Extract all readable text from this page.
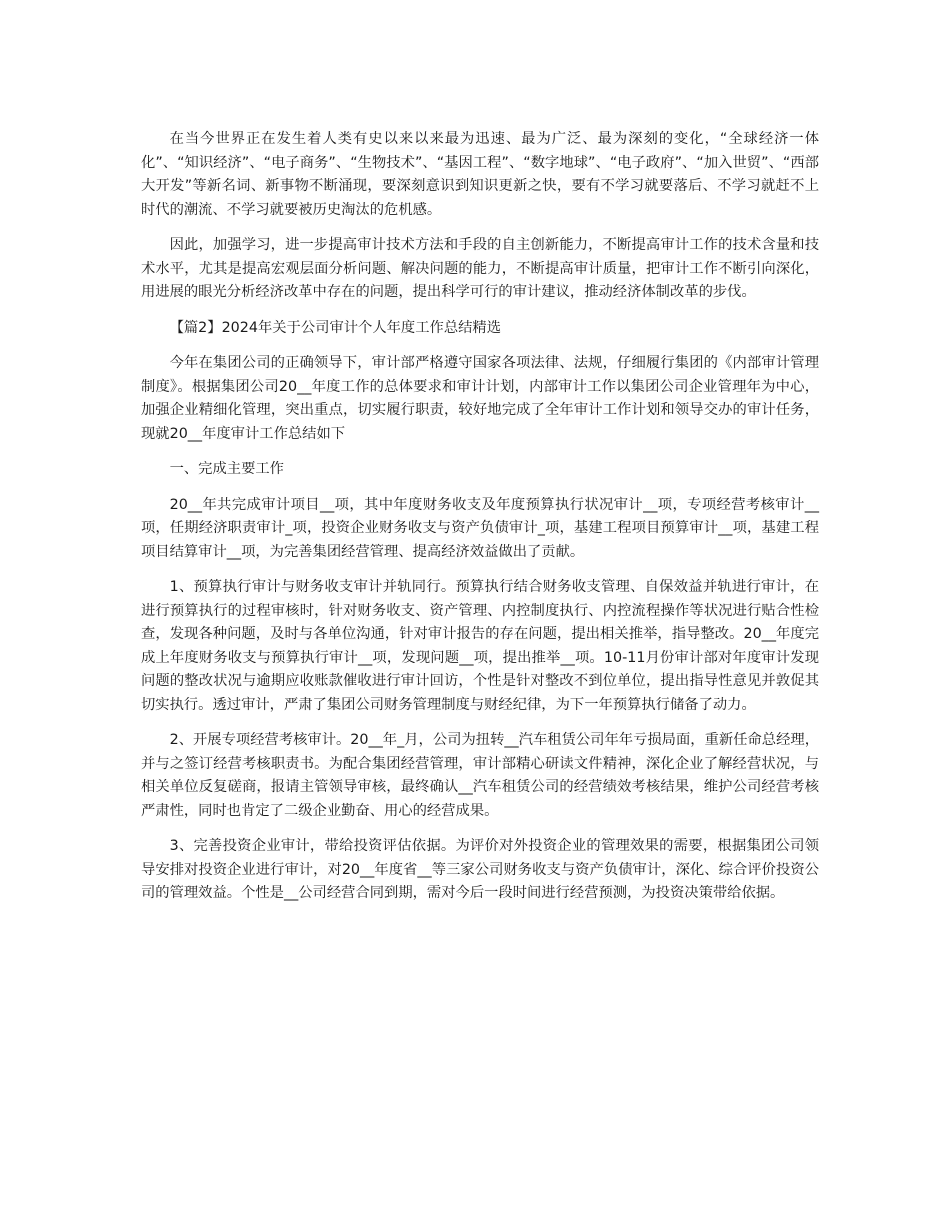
在当今世界正在发生着人类有史以来以来最为迅速、最为广泛、最为深刻的变化，“全球经济一体化”、“知识经济”、“电子商务”、“生物技术”、“基因工程”、“数字地球”、“电子政府”、“加入世贸”、“西部大开发”等新名词、新事物不断涌现，要深刻意识到知识更新之快，要有不学习就要落后、不学习就赶不上时代的潮流、不学习就要被历史淘汰的危机感。

因此，加强学习，进一步提高审计技术方法和手段的自主创新能力，不断提高审计工作的技术含量和技术水平，尤其是提高宏观层面分析问题、解决问题的能力，不断提高审计质量，把审计工作不断引向深化，用进展的眼光分析经济改革中存在的问题，提出科学可行的审计建议，推动经济体制改革的步伐。

【篇2】2024年关于公司审计个人年度工作总结精选

今年在集团公司的正确领导下，审计部严格遵守国家各项法律、法规，仔细履行集团的《内部审计管理制度》。根据集团公司20__年度工作的总体要求和审计计划，内部审计工作以集团公司企业管理年为中心，加强企业精细化管理，突出重点，切实履行职责，较好地完成了全年审计工作计划和领导交办的审计任务，现就20__年度审计工作总结如下

一、完成主要工作

20__年共完成审计项目__项，其中年度财务收支及年度预算执行状况审计__项，专项经营考核审计__项，任期经济职责审计_项，投资企业财务收支与资产负债审计_项，基建工程项目预算审计__项，基建工程项目结算审计__项，为完善集团经营管理、提高经济效益做出了贡献。

1、预算执行审计与财务收支审计并轨同行。预算执行结合财务收支管理、自保效益并轨进行审计，在进行预算执行的过程审核时，针对财务收支、资产管理、内控制度执行、内控流程操作等状况进行贴合性检查，发现各种问题，及时与各单位沟通，针对审计报告的存在问题，提出相关推举，指导整改。20__年度完成上年度财务收支与预算执行审计__项，发现问题__项，提出推举__项。10-11月份审计部对年度审计发现问题的整改状况与逾期应收账款催收进行审计回访，个性是针对整改不到位单位，提出指导性意见并敦促其切实执行。透过审计，严肃了集团公司财务管理制度与财经纪律，为下一年预算执行储备了动力。

2、开展专项经营考核审计。20__年_月，公司为扭转__汽车租赁公司年年亏损局面，重新任命总经理，并与之签订经营考核职责书。为配合集团经营管理，审计部精心研读文件精神，深化企业了解经营状况，与相关单位反复磋商，报请主管领导审核，最终确认__汽车租赁公司的经营绩效考核结果，维护公司经营考核严肃性，同时也肯定了二级企业勤奋、用心的经营成果。

3、完善投资企业审计，带给投资评估依据。为评价对外投资企业的管理效果的需要，根据集团公司领导安排对投资企业进行审计，对20__年度省__等三家公司财务收支与资产负债审计，深化、综合评价投资公司的管理效益。个性是__公司经营合同到期，需对今后一段时间进行经营预测，为投资决策带给依据。
